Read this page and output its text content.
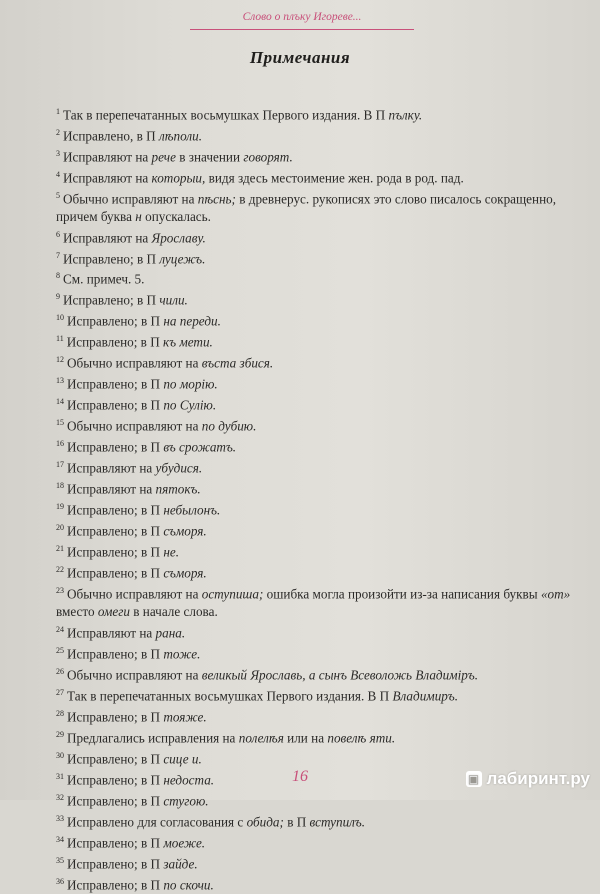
Слово о плъку Игореве...
Примечания
$^1$ Так в перепечатанных восьмушках Первого издания. В П пълку.
$^2$ Исправлено, в П лѣполи.
$^3$ Исправляют на рече в значении говорят.
$^4$ Исправляют на которыи, видя здесь местоимение жен. рода в род. пад.
$^5$ Обычно исправляют на пѣснь; в древнерус. рукописях это слово писалось сокращенно, причем буква н опускалась.
$^6$ Исправляют на Ярославу.
$^7$ Исправлено; в П луцежъ.
$^8$ См. примеч. 5.
$^9$ Исправлено; в П чили.
$^{10}$ Исправлено; в П на переди.
$^{11}$ Исправлено; в П къ мети.
$^{12}$ Обычно исправляют на въста збися.
$^{13}$ Исправлено; в П по морiю.
$^{14}$ Исправлено; в П по Сулiю.
$^{15}$ Обычно исправляют на по дубию.
$^{16}$ Исправлено; в П въ срожатъ.
$^{17}$ Исправляют на убудися.
$^{18}$ Исправляют на пятокъ.
$^{19}$ Исправлено; в П небылонъ.
$^{20}$ Исправлено; в П съморя.
$^{21}$ Исправлено; в П не.
$^{22}$ Исправлено; в П съморя.
$^{23}$ Обычно исправляют на оступиша; ошибка могла произойти из-за написания буквы «от» вместо омеги в начале слова.
$^{24}$ Исправляют на рана.
$^{25}$ Исправлено; в П тоже.
$^{26}$ Обычно исправляют на великый Ярославь, а сынъ Всеволожь Владимiръ.
$^{27}$ Так в перепечатанных восьмушках Первого издания. В П Владимиръ.
$^{28}$ Исправлено; в П тояже.
$^{29}$ Предлагались исправления на полелѣя или на повелѣ яти.
$^{30}$ Исправлено; в П сице и.
$^{31}$ Исправлено; в П недоста.
$^{32}$ Исправлено; в П стугою.
$^{33}$ Исправлено для согласования с обида; в П вступилъ.
$^{34}$ Исправлено; в П моеже.
$^{35}$ Исправлено; в П зайде.
$^{36}$ Исправлено; в П по скочи.
16	▣ лабиринт.ру
